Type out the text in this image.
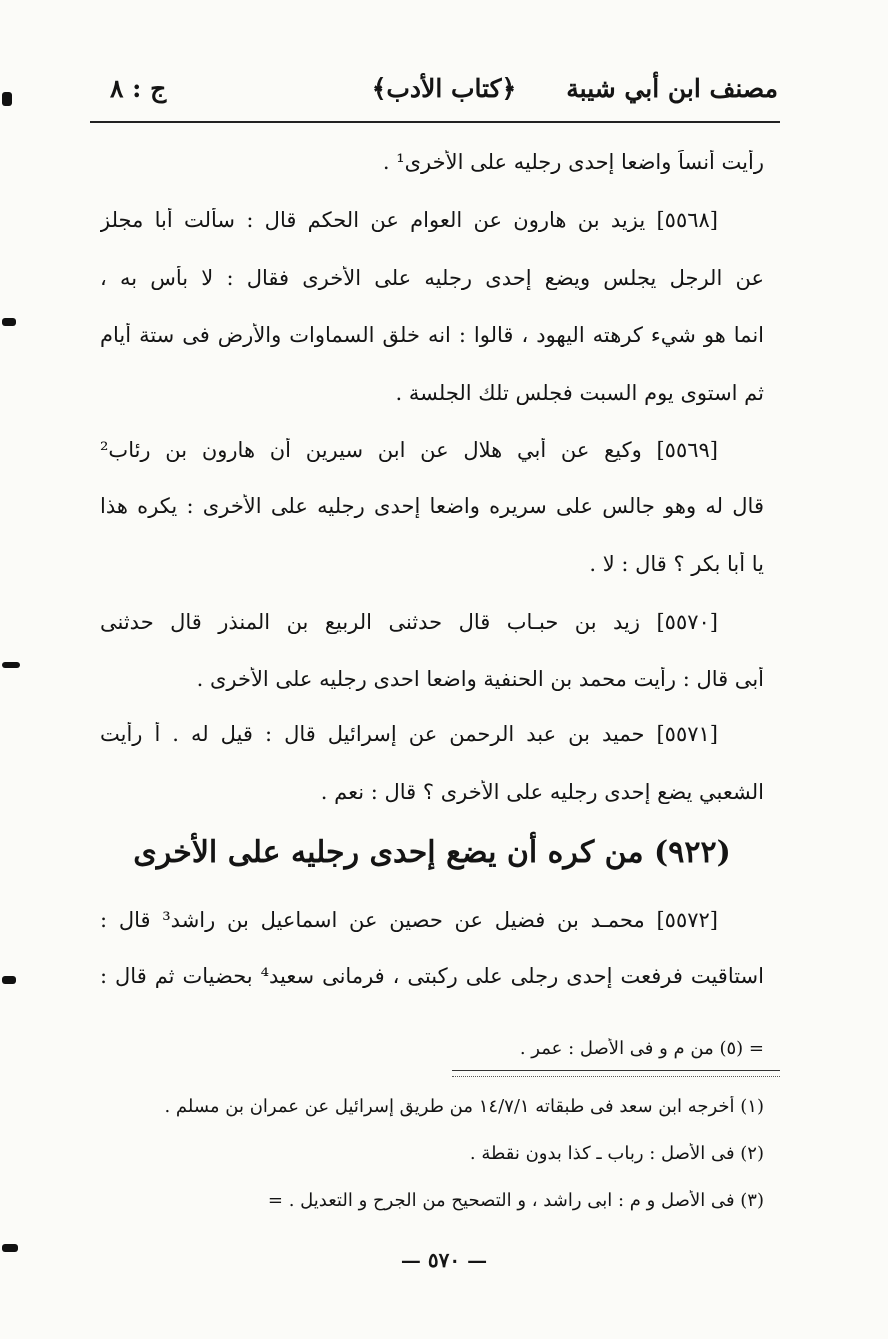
مصنف ابن أبي شيبة
﴿كتاب الأدب﴾
ج : ٨
رأيت أنساً واضعا إحدى رجليه على الأخرى¹ .
[٥٥٦٨] يزيد بن هارون عن العوام عن الحكم قال : سألت أبا مجلز
عن الرجل يجلس ويضع إحدى رجليه على الأخرى فقال : لا بأس به ،
انما هو شيء كرهته اليهود ، قالوا : انه خلق السماوات والأرض فى ستة أيام
ثم استوى يوم السبت فجلس تلك الجلسة .
[٥٥٦٩] وكيع عن أبي هلال عن ابن سيرين أن هارون بن رئاب²
قال له وهو جالس على سريره واضعا إحدى رجليه على الأخرى : يكره هذا
يا أبا بكر ؟ قال : لا .
[٥٥٧٠] زيد بن حبـاب قال حدثنى الربيع بن المنذر قال حدثنى
أبى قال : رأيت محمد بن الحنفية واضعا احدى رجليه على الأخرى .
[٥٥٧١] حميد بن عبد الرحمن عن إسرائيل قال : قيل له . أ رأيت
الشعبي يضع إحدى رجليه على الأخرى ؟ قال : نعم .
(٩٢٢) من كره أن يضع إحدى رجليه على الأخرى
[٥٥٧٢] محمـد بن فضيل عن حصين عن اسماعيل بن راشد³ قال :
استاقيت فرفعت إحدى رجلى على ركبتى ، فرمانى سعيد⁴ بحضيات ثم قال :
= (٥) من م و فى الأصل : عمر .
(١) أخرجه ابن سعد فى طبقاته ١٤/٧/١ من طريق إسرائيل عن عمران بن مسلم .
(٢) فى الأصل : رباب ـ كذا بدون نقطة .
(٣) فى الأصل و م : ابى راشد ، و التصحيح من الجرح و التعديل . =
— ٥٧٠ —
